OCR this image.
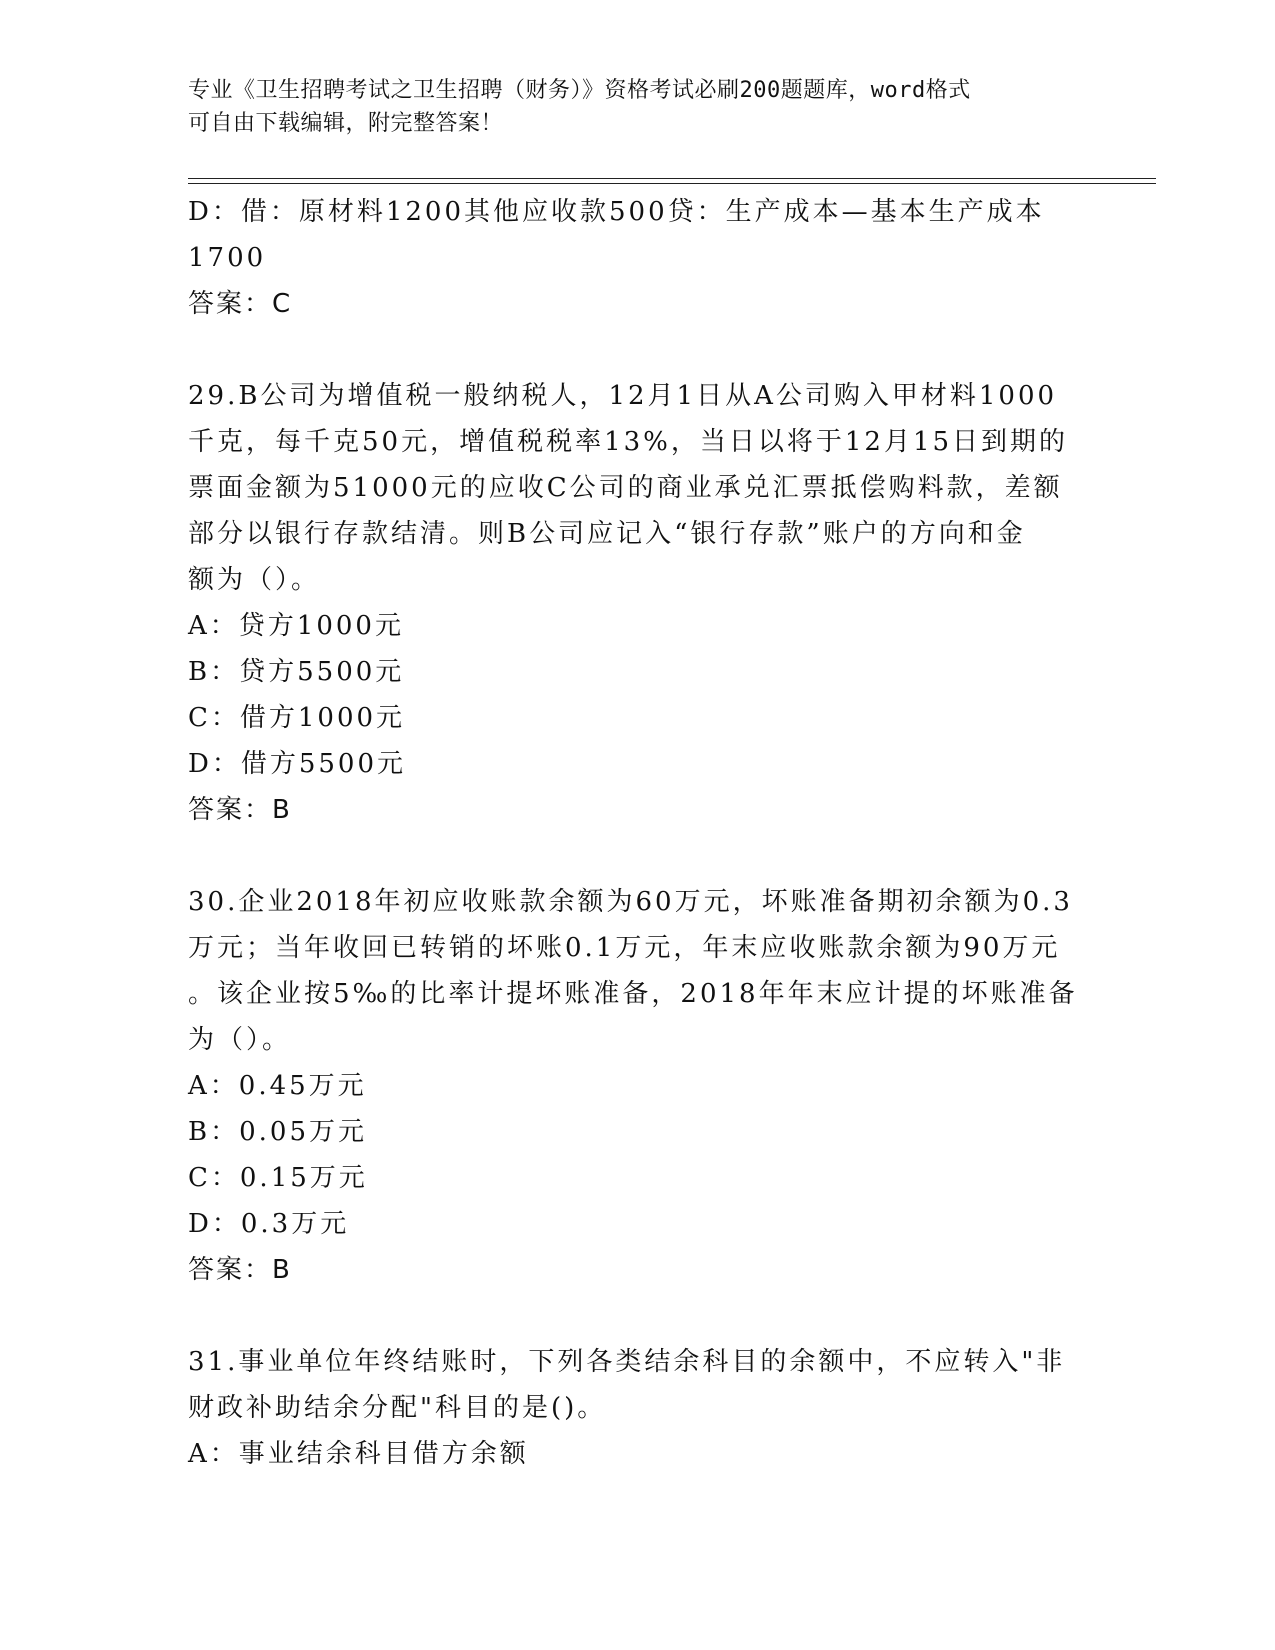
专业《卫生招聘考试之卫生招聘（财务）》资格考试必刷200题题库，word格式
可自由下载编辑，附完整答案！
D：借：原材料1200其他应收款500贷：生产成本—基本生产成本
1700
答案：C
29.B公司为增值税一般纳税人，12月1日从A公司购入甲材料1000
千克，每千克50元，增值税税率13%，当日以将于12月15日到期的
票面金额为51000元的应收C公司的商业承兑汇票抵偿购料款，差额
部分以银行存款结清。则B公司应记入“银行存款”账户的方向和金
额为（）。
A：贷方1000元
B：贷方5500元
C：借方1000元
D：借方5500元
答案：B
30.企业2018年初应收账款余额为60万元，坏账准备期初余额为0.3
万元；当年收回已转销的坏账0.1万元，年末应收账款余额为90万元
。该企业按5‰的比率计提坏账准备，2018年年末应计提的坏账准备
为（）。
A：0.45万元
B：0.05万元
C：0.15万元
D：0.3万元
答案：B
31.事业单位年终结账时，下列各类结余科目的余额中，不应转入"非
财政补助结余分配"科目的是()。
A：事业结余科目借方余额
